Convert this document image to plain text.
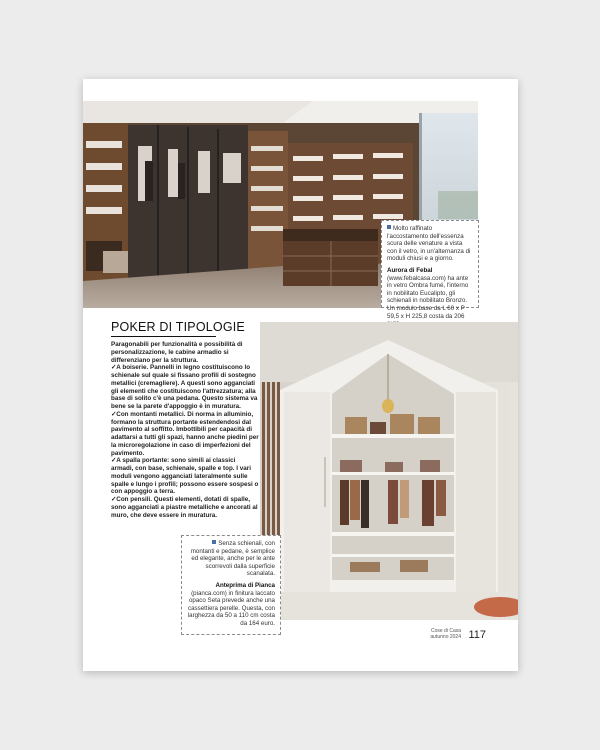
Molto raffinato l'accostamento dell'essenza scura delle venature a vista con il vetro, in un'alternanza di moduli chiusi e a giorno.

Aurora di Febal (www.febalcasa.com) ha ante in vetro Ombra fumé, l'interno in nobilitato Eucalipto, gli schienali in nobilitato Bronzo. Un modulo base da L 60 x P 59,5 x H 225,8 costa da 206

POKER DI TIPOLOGIE

Paragonabili per funzionalità e possibilità di personalizzazione, le cabine armadio si differenziano per la struttura.

✓A boiserie. Pannelli in legno costituiscono lo schienale sul quale si fissano profili di sostegno metallici (cremagliere). A questi sono agganciati gli elementi che costituiscono l'attrezzatura; alla base di solito c'è una pedana. Questo sistema va bene se la parete d'appoggio è in muratura.

✓Con montanti metallici. Di norma in alluminio, formano la struttura portante estendendosi dal pavimento al soffitto. Imbottibili per capacità di adattarsi a tutti gli spazi, hanno anche piedini per la microregolazione in caso di imperfezioni del pavimento.

✓A spalla portante: sono simili ai classici armadi, con base, schienale, spalle e top. I vari moduli vengono agganciati lateralmente sulle spalle e lungo i profili; possono essere sospesi o con appoggio a terra.

✓Con pensili. Questi elementi, dotati di spalle, sono agganciati a piastre metalliche e ancorati al muro, che deve essere in muratura.

Senza schienali, con montanti e pedane, è semplice ed elegante, anche per le ante scorrevoli dalla superficie scanalata.

Anteprima di Pianca (pianca.com) in finitura laccato opaco Seta prevede anche una cassettiera perelle. Questa, con larghezza da 50 a 110 cm costa da 164 euro.

Cose di Casa
autunno 2024 117
